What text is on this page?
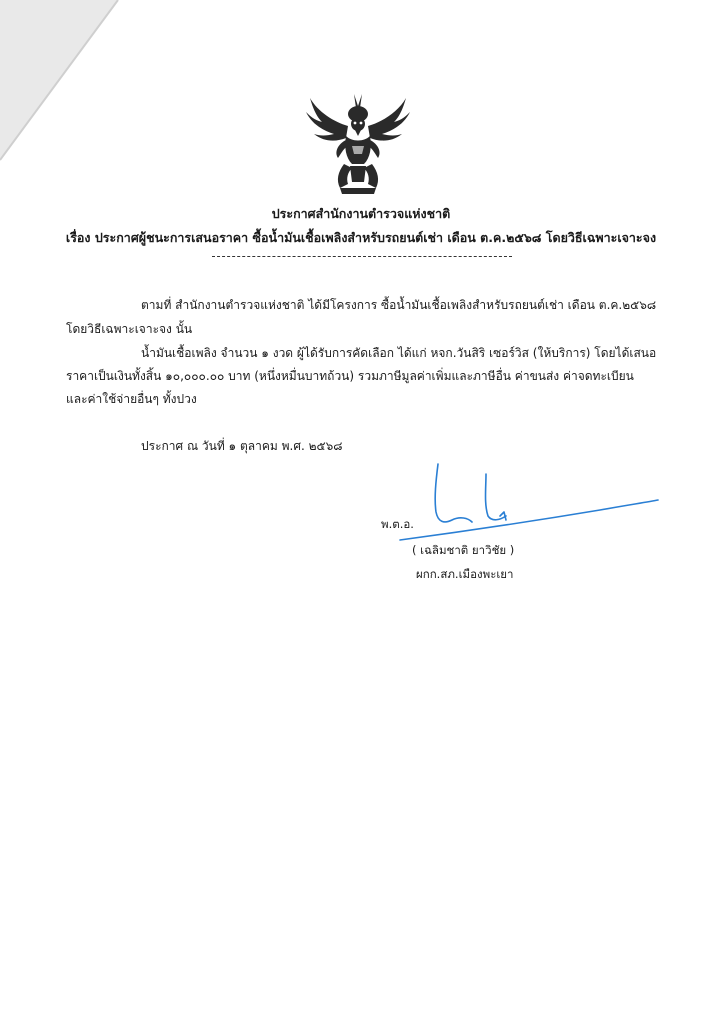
ประกาศสำนักงานตำรวจแห่งชาติ
เรื่อง ประกาศผู้ชนะการเสนอราคา ซื้อน้ำมันเชื้อเพลิงสำหรับรถยนต์เช่า เดือน ต.ค.๒๕๖๘ โดยวิธีเฉพาะเจาะจง
ตามที่ สำนักงานตำรวจแห่งชาติ ได้มีโครงการ ซื้อน้ำมันเชื้อเพลิงสำหรับรถยนต์เช่า เดือน ต.ค.๒๕๖๘
โดยวิธีเฉพาะเจาะจง นั้น
น้ำมันเชื้อเพลิง จำนวน ๑ งวด ผู้ได้รับการคัดเลือก ได้แก่ หจก.วันสิริ เซอร์วิส (ให้บริการ) โดยได้เสนอ
ราคาเป็นเงินทั้งสิ้น ๑๐,๐๐๐.๐๐ บาท (หนึ่งหมื่นบาทถ้วน) รวมภาษีมูลค่าเพิ่มและภาษีอื่น ค่าขนส่ง ค่าจดทะเบียน
และค่าใช้จ่ายอื่นๆ ทั้งปวง
ประกาศ ณ วันที่ ๑ ตุลาคม พ.ศ. ๒๕๖๘
พ.ต.อ.
( เฉลิมชาติ ยาวิชัย )
ผกก.สภ.เมืองพะเยา
